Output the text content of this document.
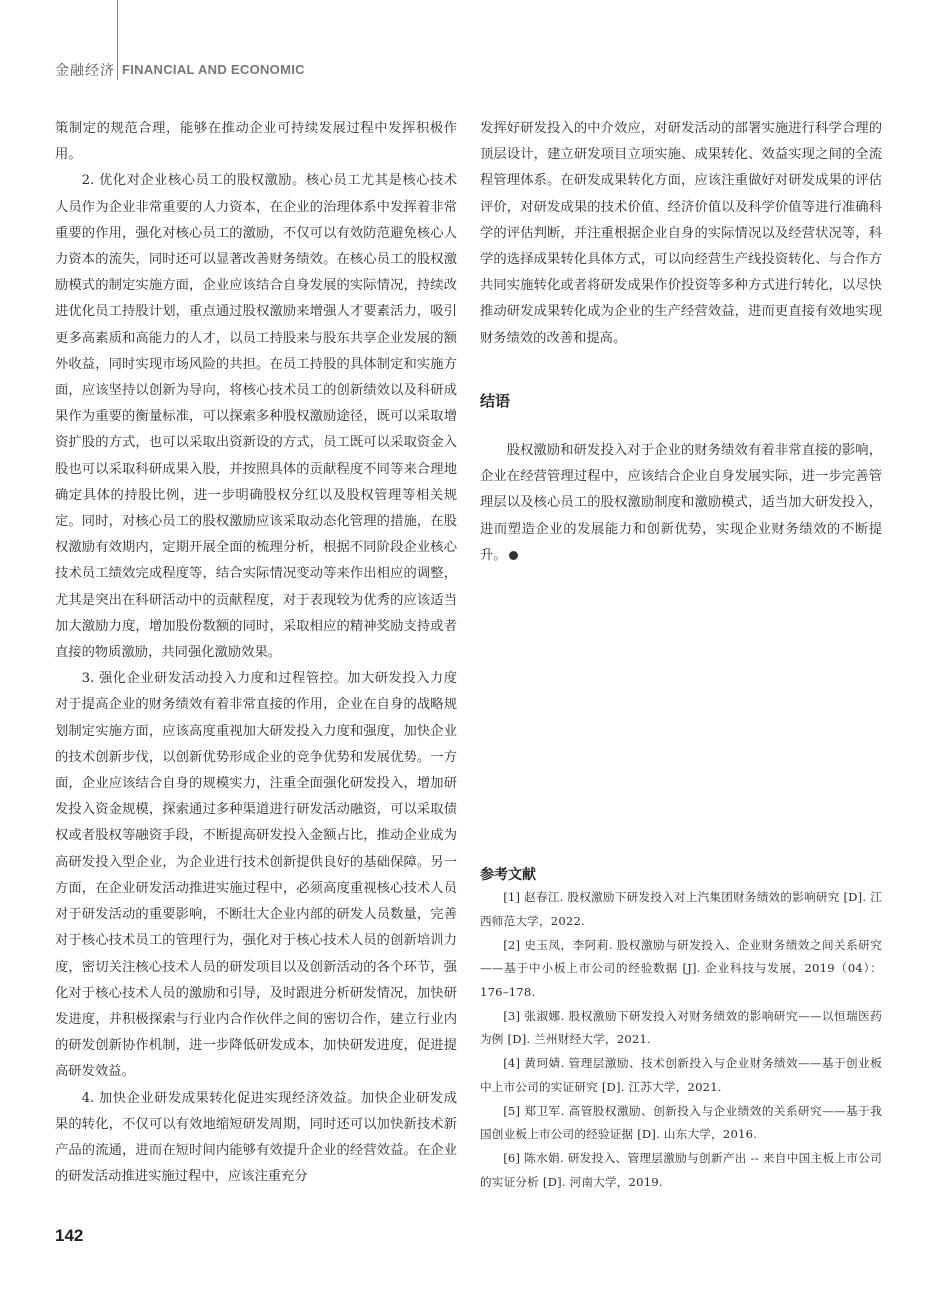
金融经济 FINANCIAL AND ECONOMIC

策制定的规范合理，能够在推动企业可持续发展过程中发挥积极作用。

2. 优化对企业核心员工的股权激励。核心员工尤其是核心技术人员作为企业非常重要的人力资本，在企业的治理体系中发挥着非常重要的作用，强化对核心员工的激励，不仅可以有效防范避免核心人力资本的流失，同时还可以显著改善财务绩效。在核心员工的股权激励模式的制定实施方面，企业应该结合自身发展的实际情况，持续改进优化员工持股计划，重点通过股权激励来增强人才要素活力，吸引更多高素质和高能力的人才，以员工持股来与股东共享企业发展的额外收益，同时实现市场风险的共担。在员工持股的具体制定和实施方面，应该坚持以创新为导向，将核心技术员工的创新绩效以及科研成果作为重要的衡量标准，可以探索多种股权激励途径，既可以采取增资扩股的方式，也可以采取出资新设的方式，员工既可以采取资金入股也可以采取科研成果入股，并按照具体的贡献程度不同等来合理地确定具体的持股比例，进一步明确股权分红以及股权管理等相关规定。同时，对核心员工的股权激励应该采取动态化管理的措施，在股权激励有效期内，定期开展全面的梳理分析，根据不同阶段企业核心技术员工绩效完成程度等，结合实际情况变动等来作出相应的调整，尤其是突出在科研活动中的贡献程度，对于表现较为优秀的应该适当加大激励力度，增加股份数额的同时，采取相应的精神奖励支持或者直接的物质激励，共同强化激励效果。

3. 强化企业研发活动投入力度和过程管控。加大研发投入力度对于提高企业的财务绩效有着非常直接的作用，企业在自身的战略规划制定实施方面，应该高度重视加大研发投入力度和强度，加快企业的技术创新步伐，以创新优势形成企业的竞争优势和发展优势。一方面，企业应该结合自身的规模实力，注重全面强化研发投入，增加研发投入资金规模，探索通过多种渠道进行研发活动融资，可以采取债权或者股权等融资手段，不断提高研发投入金额占比，推动企业成为高研发投入型企业，为企业进行技术创新提供良好的基础保障。另一方面，在企业研发活动推进实施过程中，必须高度重视核心技术人员对于研发活动的重要影响，不断壮大企业内部的研发人员数量，完善对于核心技术员工的管理行为，强化对于核心技术人员的创新培训力度，密切关注核心技术人员的研发项目以及创新活动的各个环节，强化对于核心技术人员的激励和引导，及时跟进分析研发情况，加快研发进度，并积极探索与行业内合作伙伴之间的密切合作，建立行业内的研发创新协作机制，进一步降低研发成本，加快研发进度，促进提高研发效益。

4. 加快企业研发成果转化促进实现经济效益。加快企业研发成果的转化，不仅可以有效地缩短研发周期，同时还可以加快新技术新产品的流通，进而在短时间内能够有效提升企业的经营效益。在企业的研发活动推进实施过程中，应该注重充分

发挥好研发投入的中介效应，对研发活动的部署实施进行科学合理的顶层设计，建立研发项目立项实施、成果转化、效益实现之间的全流程管理体系。在研发成果转化方面，应该注重做好对研发成果的评估评价，对研发成果的技术价值、经济价值以及科学价值等进行准确科学的评估判断，并注重根据企业自身的实际情况以及经营状况等，科学的选择成果转化具体方式，可以向经营生产线投资转化、与合作方共同实施转化或者将研发成果作价投资等多种方式进行转化，以尽快推动研发成果转化成为企业的生产经营效益，进而更直接有效地实现财务绩效的改善和提高。

结语

股权激励和研发投入对于企业的财务绩效有着非常直接的影响，企业在经营管理过程中，应该结合企业自身发展实际，进一步完善管理层以及核心员工的股权激励制度和激励模式，适当加大研发投入，进而塑造企业的发展能力和创新优势，实现企业财务绩效的不断提升。

参考文献

[1] 赵春江. 股权激励下研发投入对上汽集团财务绩效的影响研究 [D]. 江西师范大学，2022.

[2] 史玉凤，李阿莉. 股权激励与研发投入、企业财务绩效之间关系研究——基于中小板上市公司的经验数据 [J]. 企业科技与发展，2019（04）：176–178.

[3] 张淑娜. 股权激励下研发投入对财务绩效的影响研究——以恒瑞医药为例 [D]. 兰州财经大学，2021.

[4] 黄珂婧. 管理层激励、技术创新投入与企业财务绩效——基于创业板中上市公司的实证研究 [D]. 江苏大学，2021.

[5] 郑卫军. 高管股权激励、创新投入与企业绩效的关系研究——基于我国创业板上市公司的经验证据 [D]. 山东大学，2016.

[6] 陈水娟. 研发投入、管理层激励与创新产出 -- 来自中国主板上市公司的实证分析 [D]. 河南大学，2019.

142
